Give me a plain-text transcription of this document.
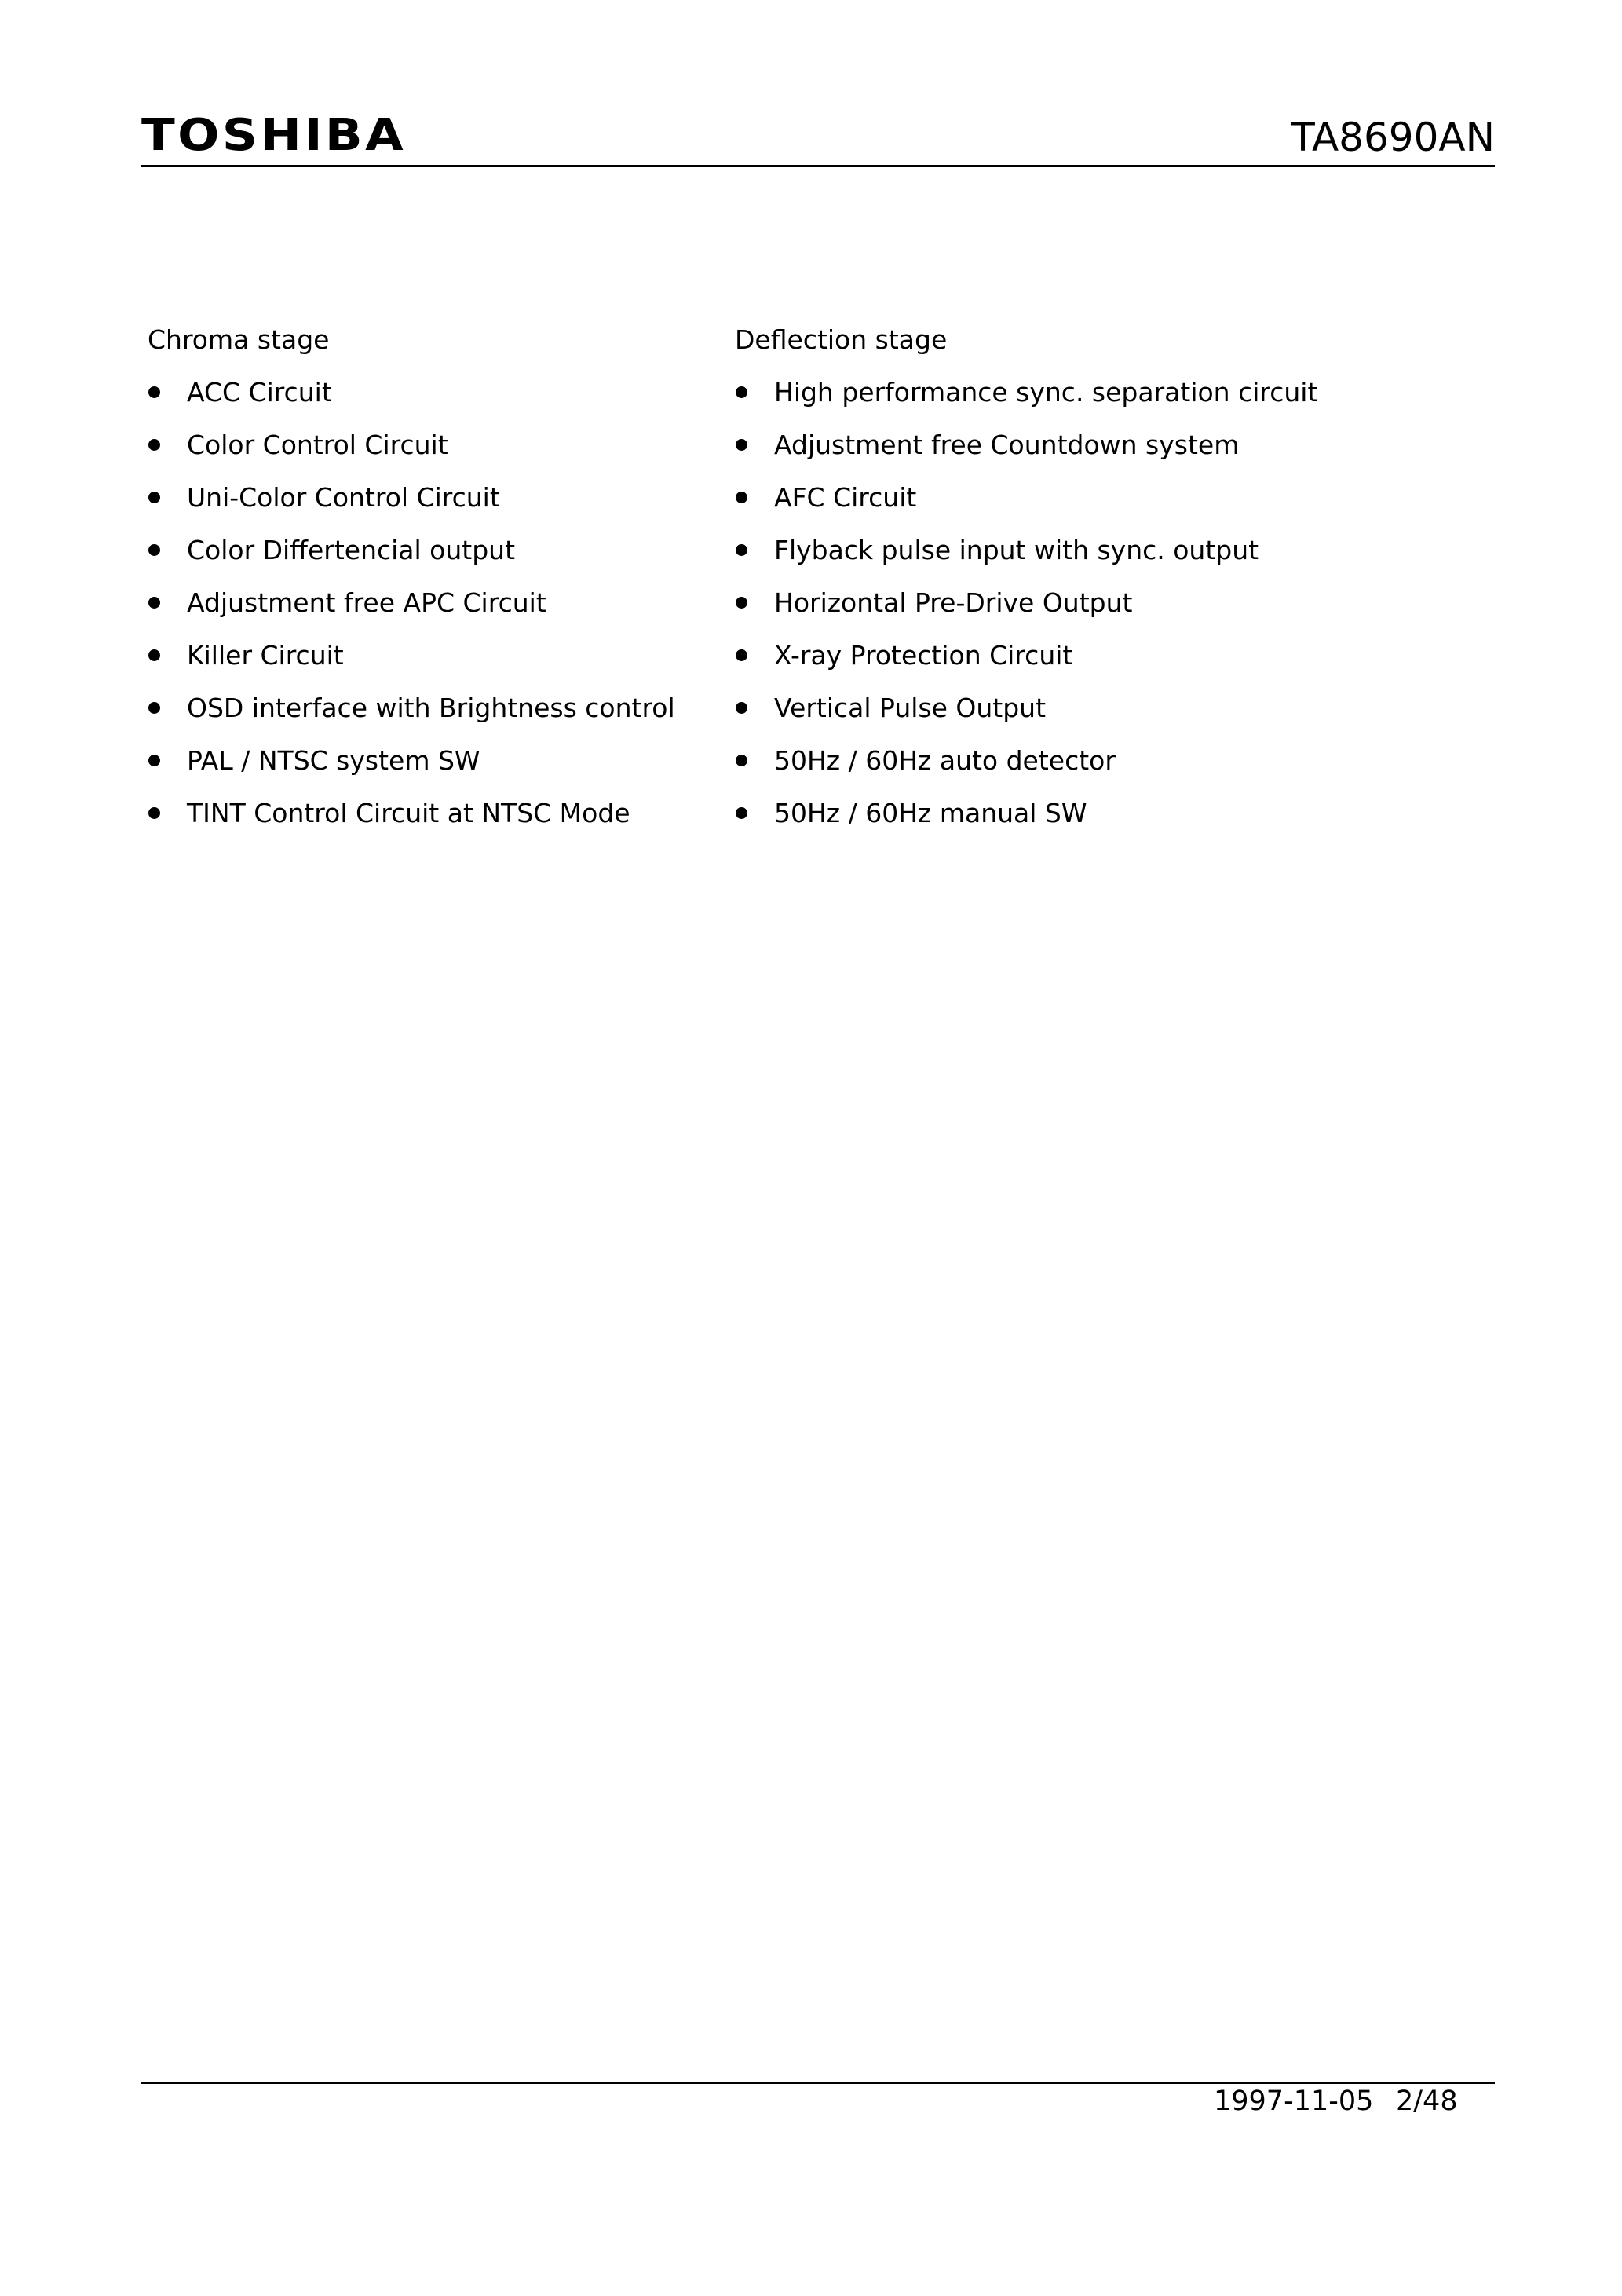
TOSHIBA	TA8690AN
Chroma stage
ACC Circuit
Color Control Circuit
Uni-Color Control Circuit
Color Differtencial output
Adjustment free APC Circuit
Killer Circuit
OSD interface with Brightness control
PAL / NTSC system SW
TINT Control Circuit at NTSC Mode
Deflection stage
High performance sync. separation circuit
Adjustment free Countdown system
AFC Circuit
Flyback pulse input with sync. output
Horizontal Pre-Drive Output
X-ray Protection Circuit
Vertical Pulse Output
50Hz / 60Hz auto detector
50Hz / 60Hz manual SW
1997-11-05 2/48
